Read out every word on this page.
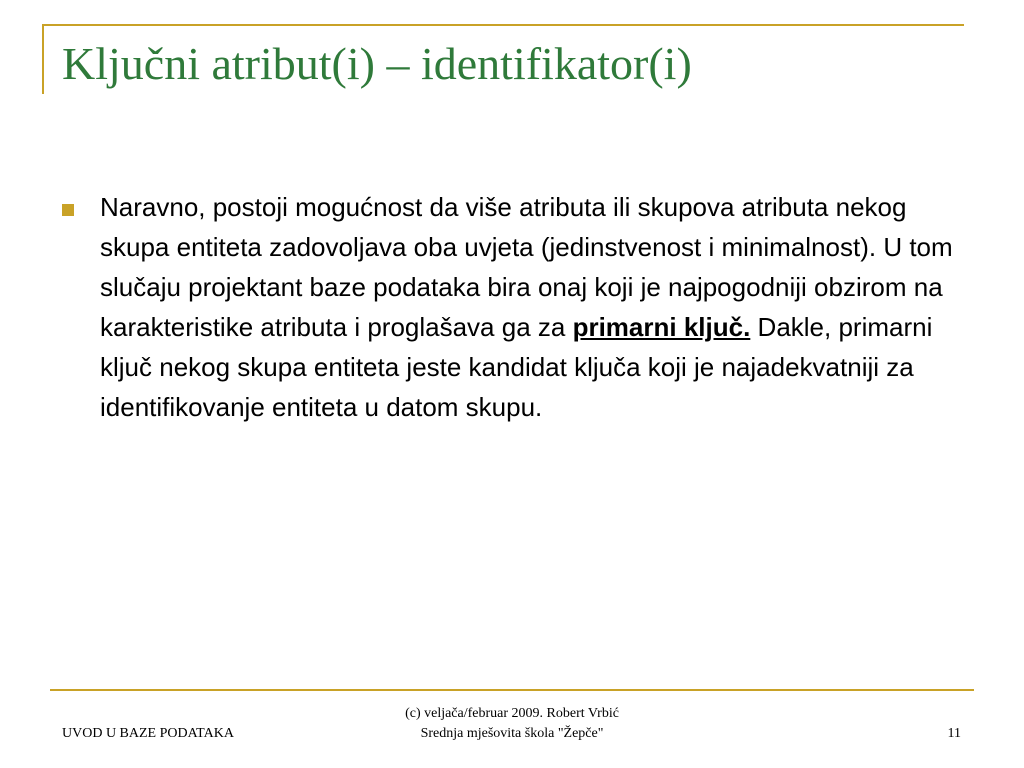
Ključni atribut(i) – identifikator(i)
Naravno, postoji mogućnost da više atributa ili skupova atributa nekog skupa entiteta zadovoljava oba uvjeta (jedinstvenost i minimalnost). U tom slučaju projektant baze podataka bira onaj koji je najpogodniji obzirom na karakteristike atributa i proglašava ga za primarni ključ. Dakle, primarni ključ nekog skupa entiteta jeste kandidat ključa koji je najadekvatniji za identifikovanje entiteta u datom skupu.
UVOD U BAZE PODATAKA
(c) veljača/februar 2009. Robert Vrbić
Srednja mješovita škola "Žepče"	11
